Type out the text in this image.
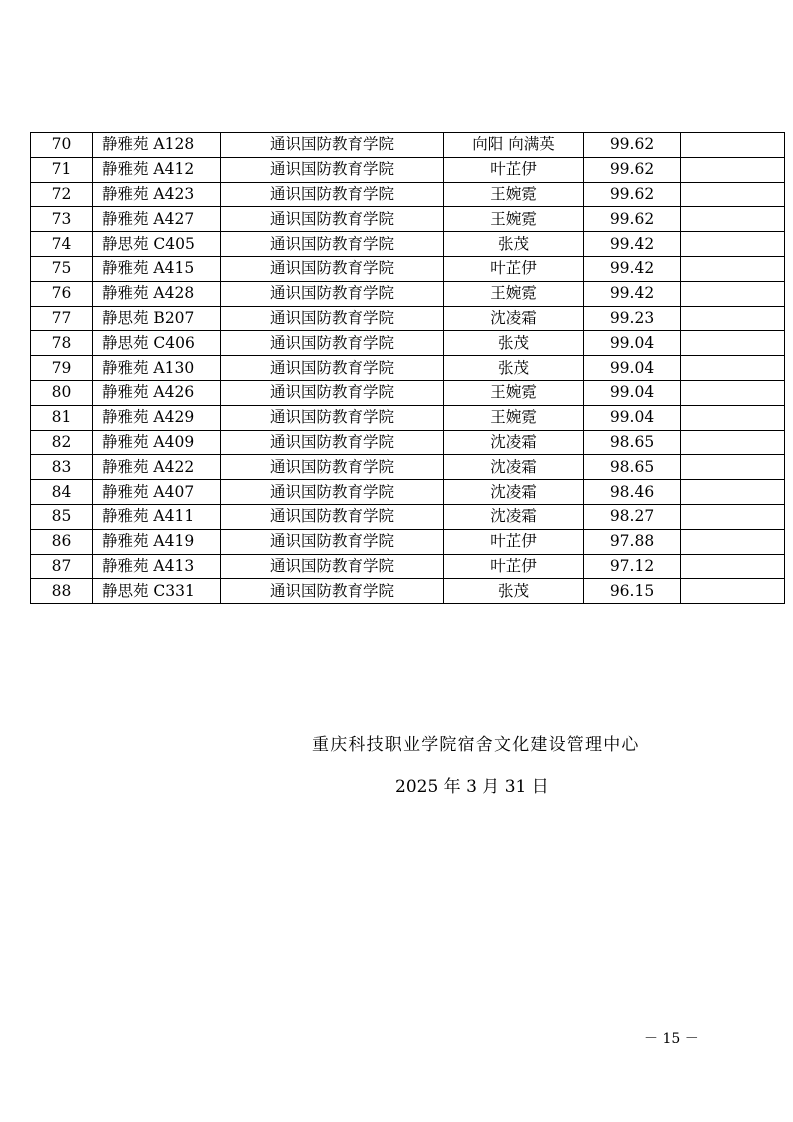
70	静雅苑 A128	通识国防教育学院	向阳 向满英	99.62	
71	静雅苑 A412	通识国防教育学院	叶芷伊	99.62	
72	静雅苑 A423	通识国防教育学院	王婉霓	99.62	
73	静雅苑 A427	通识国防教育学院	王婉霓	99.62	
74	静思苑 C405	通识国防教育学院	张茂	99.42	
75	静雅苑 A415	通识国防教育学院	叶芷伊	99.42	
76	静雅苑 A428	通识国防教育学院	王婉霓	99.42	
77	静思苑 B207	通识国防教育学院	沈凌霜	99.23	
78	静思苑 C406	通识国防教育学院	张茂	99.04	
79	静雅苑 A130	通识国防教育学院	张茂	99.04	
80	静雅苑 A426	通识国防教育学院	王婉霓	99.04	
81	静雅苑 A429	通识国防教育学院	王婉霓	99.04	
82	静雅苑 A409	通识国防教育学院	沈凌霜	98.65	
83	静雅苑 A422	通识国防教育学院	沈凌霜	98.65	
84	静雅苑 A407	通识国防教育学院	沈凌霜	98.46	
85	静雅苑 A411	通识国防教育学院	沈凌霜	98.27	
86	静雅苑 A419	通识国防教育学院	叶芷伊	97.88	
87	静雅苑 A413	通识国防教育学院	叶芷伊	97.12	
88	静思苑 C331	通识国防教育学院	张茂	96.15	
重庆科技职业学院宿舍文化建设管理中心
2025 年 3 月 31 日
－ 15 －
